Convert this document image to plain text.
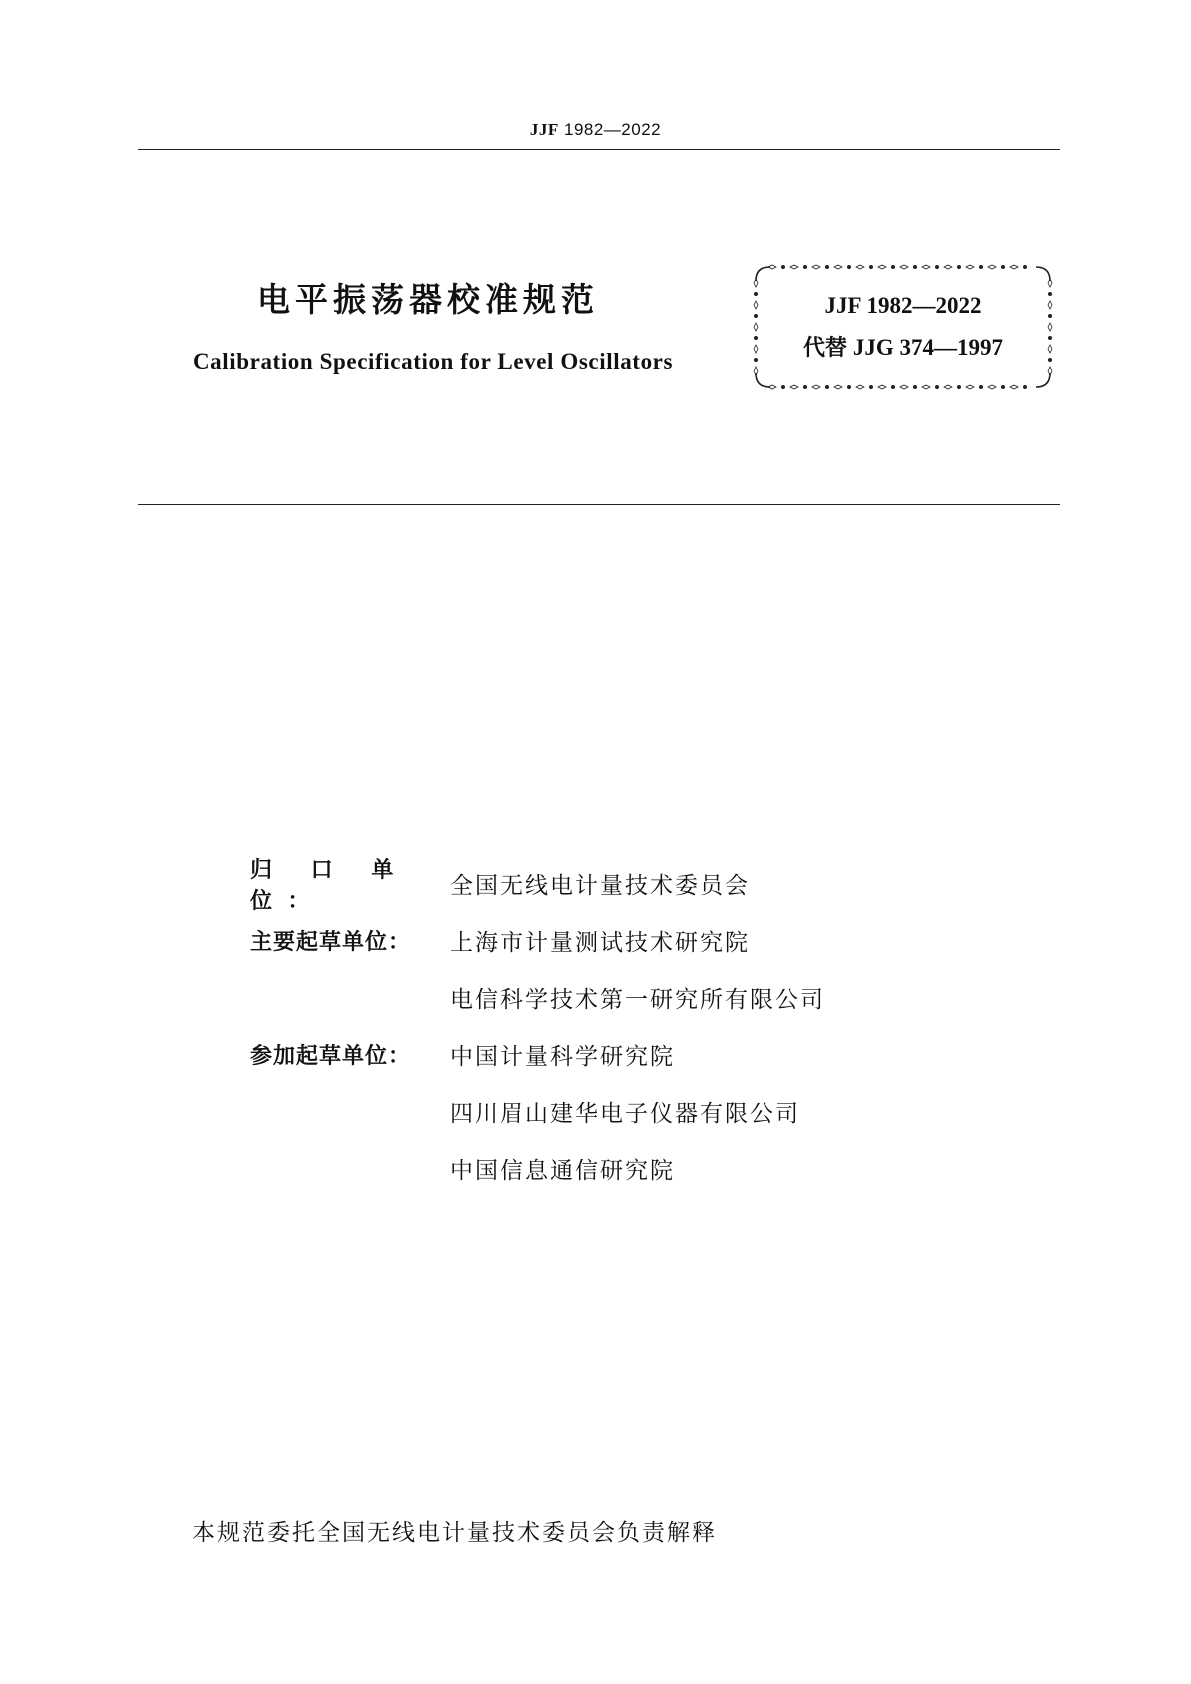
JJF 1982—2022
电平振荡器校准规范
Calibration Specification for Level Oscillators
JJF 1982—2022
代替 JJG 374—1997
归 口 单 位：
全国无线电计量技术委员会
主要起草单位：	上海市计量测试技术研究院
电信科学技术第一研究所有限公司
参加起草单位：	中国计量科学研究院
四川眉山建华电子仪器有限公司
中国信息通信研究院
本规范委托全国无线电计量技术委员会负责解释
